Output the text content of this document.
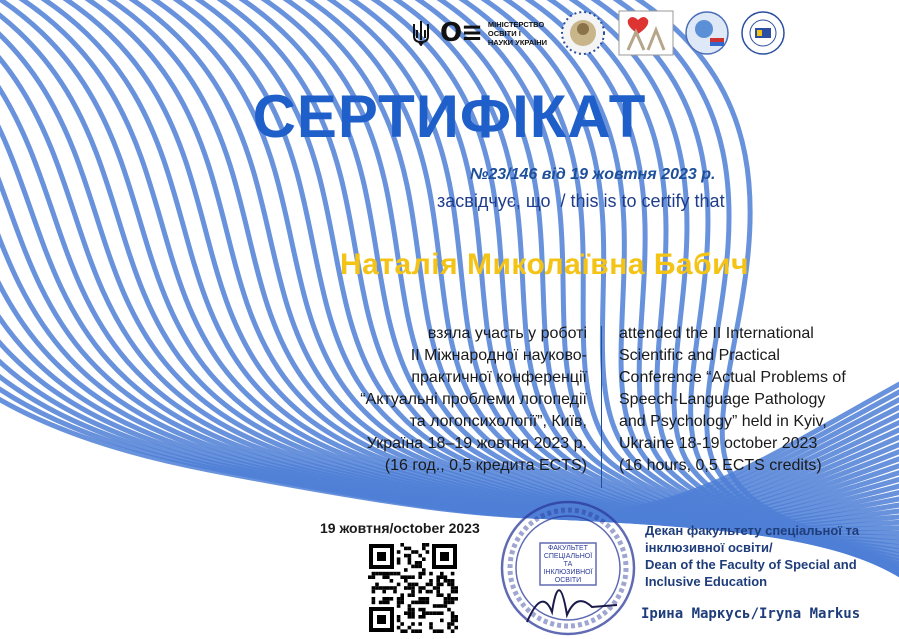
О≡ МІНІСТЕРСТВО ОСВІТИ І НАУКИ УКРАЇНИ
СЕРТИФІКАТ
№23/146 від 19 жовтня 2023 р.
засвідчує, що  / this is to certify that
Наталія Миколаївна Бабич
взяла участь у роботі
ІІ Міжнародної науково-
практичної конференції
“Актуальні проблеми логопедії
та логопсихології”, Київ,
Україна 18–19 жовтня 2023 р.
(16 год., 0,5 кредита ECTS)
attended the II International
Scientific and Practical
Conference “Actual Problems of
Speech-Language Pathology
and Psychology” held in Kyiv,
Ukraine 18-19 october 2023
(16 hours, 0,5 ECTS credits)
19 жовтня/october 2023
ФАКУЛЬТЕТ СПЕЦІАЛЬНОЇ ТА ІНКЛЮЗИВНОЇ ОСВІТИ
Декан факультету спеціальної та
інклюзивної освіти/
Dean of the Faculty of Special and
Inclusive Education
Ірина Маркусь/Iryna Markus
